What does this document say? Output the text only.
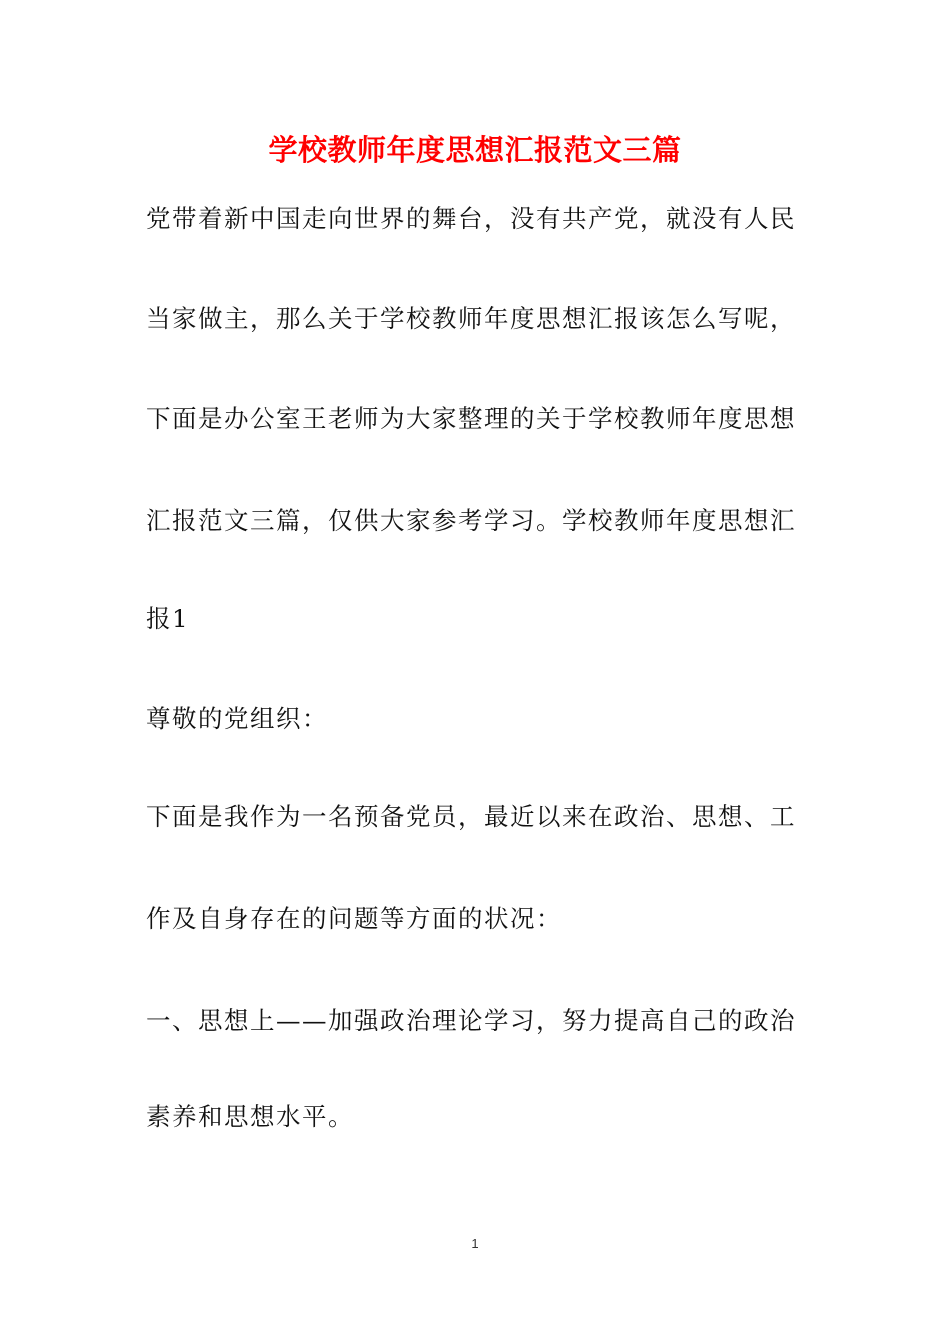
学校教师年度思想汇报范文三篇
党带着新中国走向世界的舞台，没有共产党，就没有人民
当家做主，那么关于学校教师年度思想汇报该怎么写呢，
下面是办公室王老师为大家整理的关于学校教师年度思想
汇报范文三篇，仅供大家参考学习。学校教师年度思想汇
报1
尊敬的党组织：
下面是我作为一名预备党员，最近以来在政治、思想、工
作及自身存在的问题等方面的状况：
一、思想上——加强政治理论学习，努力提高自己的政治
素养和思想水平。
1
